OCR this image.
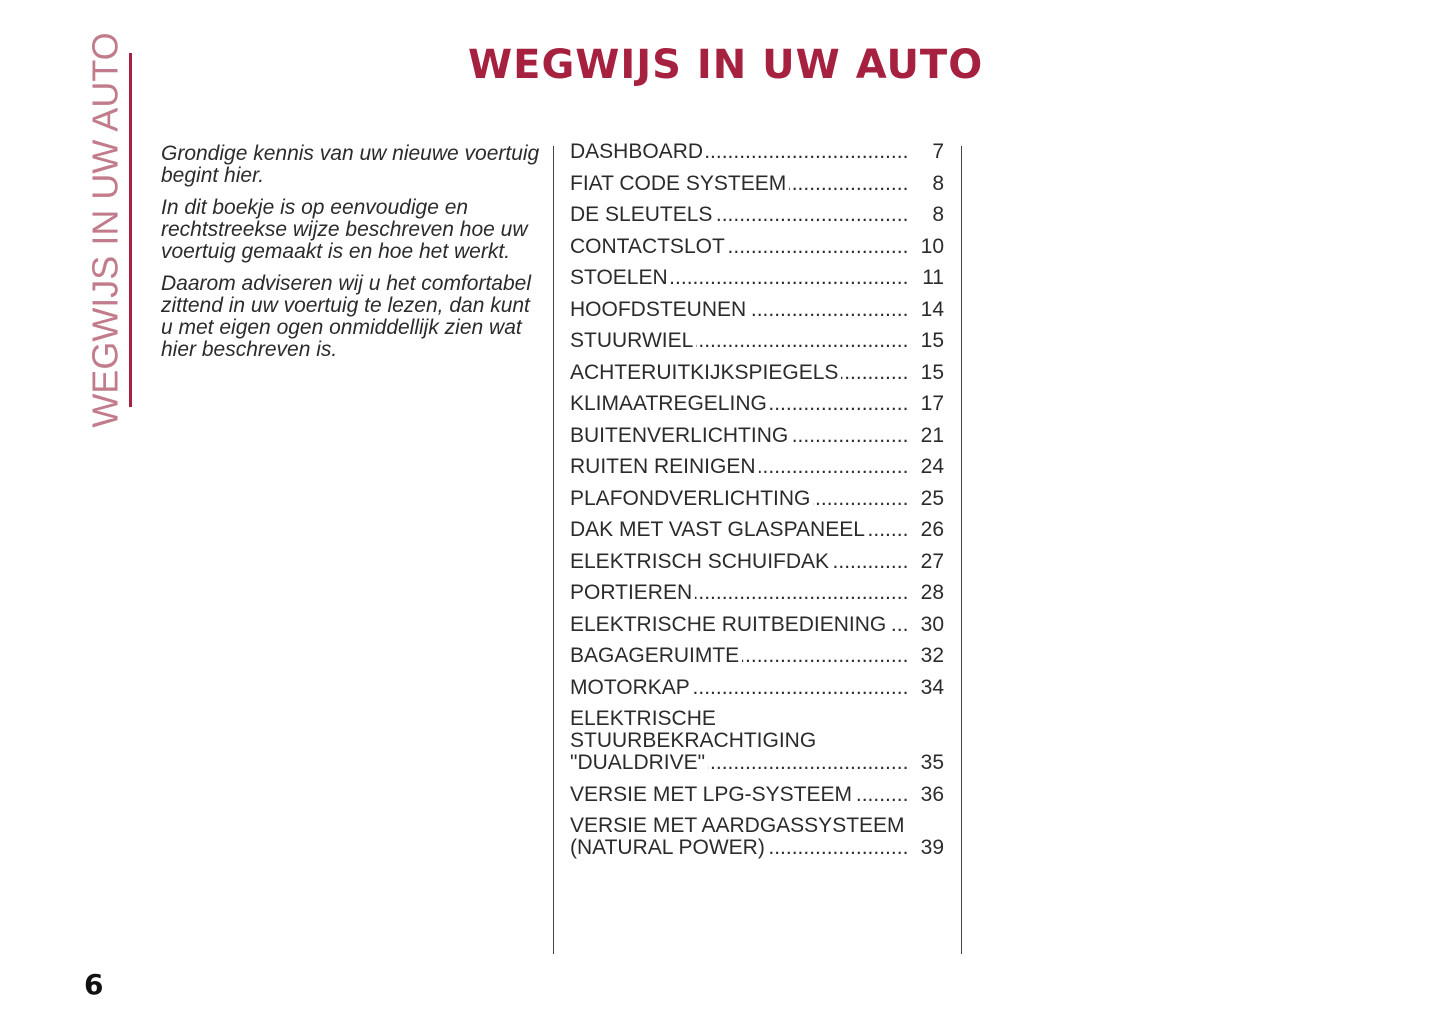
WEGWIJS IN UW AUTO	WEGWIJS IN UW AUTO

Grondige kennis van uw nieuwe voertuig begint hier.

In dit boekje is op eenvoudige en rechtstreekse wijze beschreven hoe uw voertuig gemaakt is en hoe het werkt.

Daarom adviseren wij u het comfortabel zittend in uw voertuig te lezen, dan kunt u met eigen ogen onmiddellijk zien wat hier beschreven is.

DASHBOARD .....	7
FIAT CODE SYSTEEM .....	8
DE SLEUTELS .....	8
CONTACTSLOT .....	10
STOELEN .....	11
HOOFDSTEUNEN .....	14
STUURWIEL .....	15
ACHTERUITKIJKSPIEGELS .....	15
KLIMAATREGELING .....	17
BUITENVERLICHTING .....	21
RUITEN REINIGEN .....	24
PLAFONDVERLICHTING .....	25
DAK MET VAST GLASPANEEL .....	26
ELEKTRISCH SCHUIFDAK .....	27
PORTIEREN .....	28
ELEKTRISCHE RUITBEDIENING .....	30
BAGAGERUIMTE .....	32
MOTORKAP .....	34
ELEKTRISCHE
STUURBEKRACHTIGING
"DUALDRIVE" .....	35
VERSIE MET LPG-SYSTEEM .....	36
VERSIE MET AARDGASSYSTEEM
(NATURAL POWER) .....	39
6
